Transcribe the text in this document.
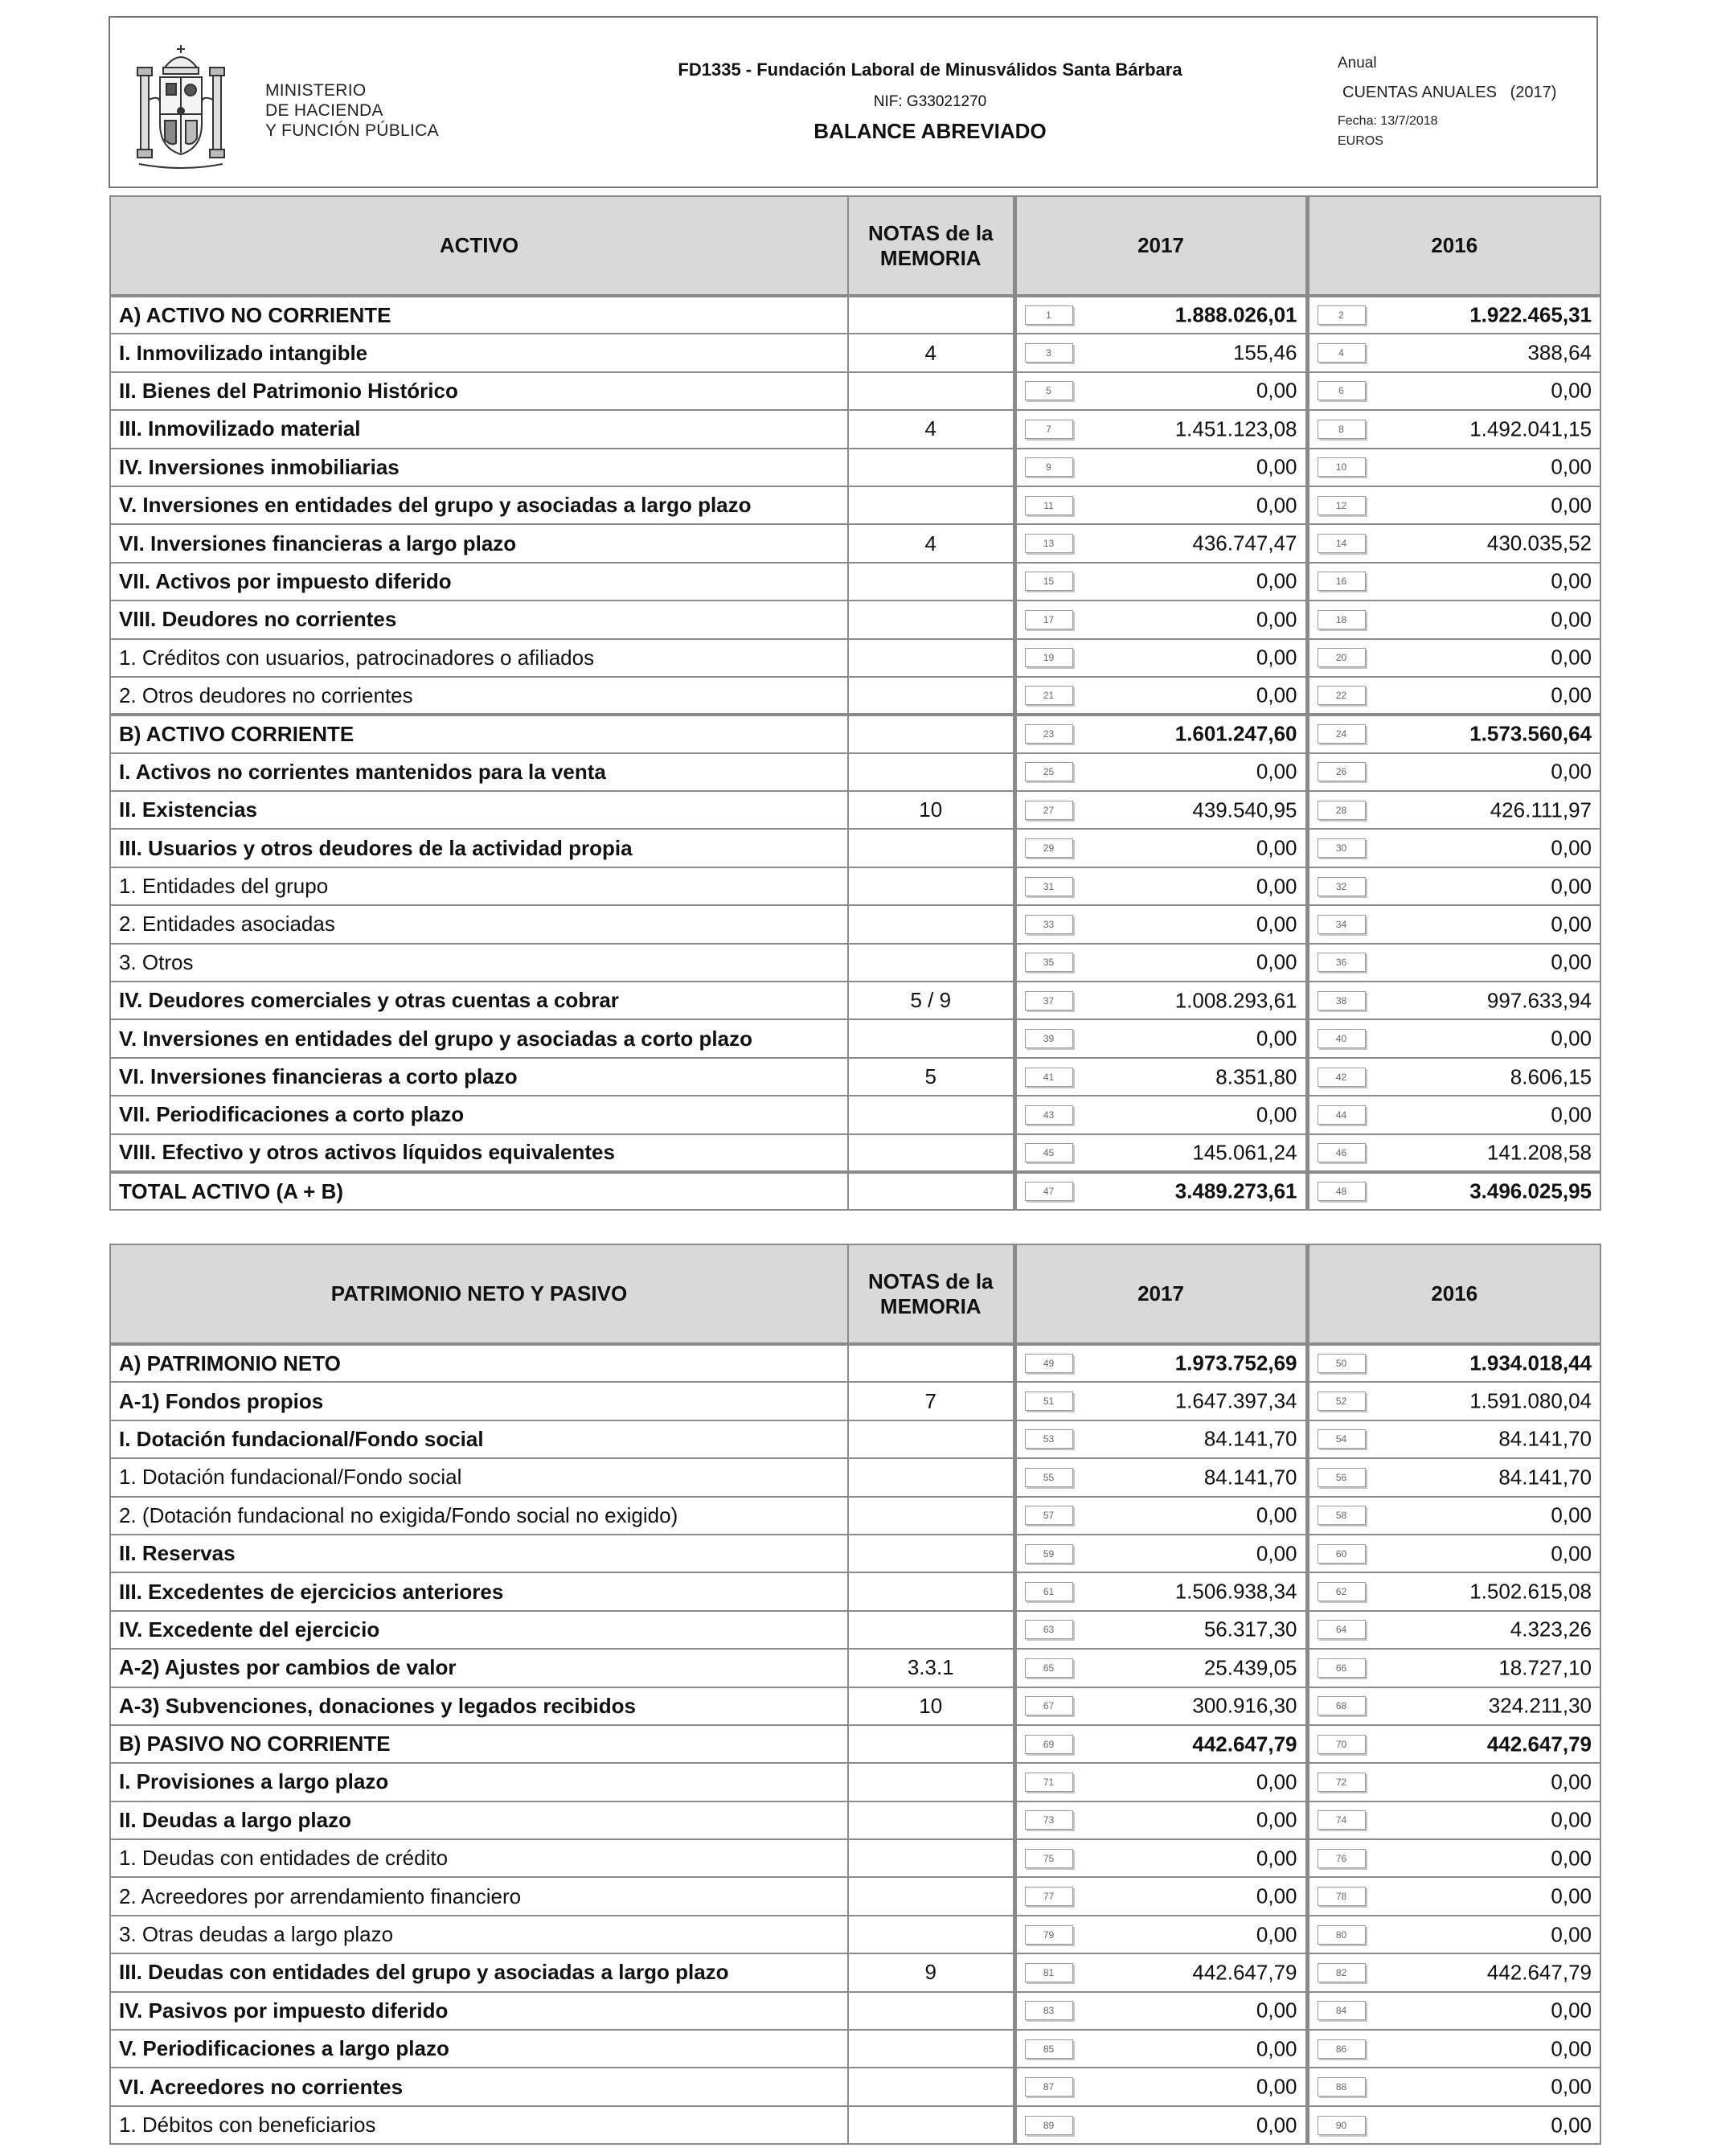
MINISTERIO
DE HACIENDA
Y FUNCIÓN PÚBLICA
FD1335 - Fundación Laboral de Minusválidos Santa Bárbara
NIF: G33021270
BALANCE ABREVIADO
Anual
CUENTAS ANUALES   (2017)
Fecha: 13/7/2018
EUROS
ACTIVO	NOTAS de la MEMORIA	2017	2016
A) ACTIVO NO CORRIENTE		1 1.888.026,01	2 1.922.465,31

I. Inmovilizado intangible	4	3 155,46	4 388,64

II. Bienes del Patrimonio Histórico		5 0,00	6 0,00

III. Inmovilizado material	4	7 1.451.123,08	8 1.492.041,15

IV. Inversiones inmobiliarias		9 0,00	10 0,00

V. Inversiones en entidades del grupo y asociadas a largo plazo		11 0,00	12 0,00

VI. Inversiones financieras a largo plazo	4	13 436.747,47	14 430.035,52

VII. Activos por impuesto diferido		15 0,00	16 0,00

VIII. Deudores no corrientes		17 0,00	18 0,00

1. Créditos con usuarios, patrocinadores o afiliados		19 0,00	20 0,00

2. Otros deudores no corrientes		21 0,00	22 0,00

B) ACTIVO CORRIENTE		23 1.601.247,60	24 1.573.560,64

I. Activos no corrientes mantenidos para la venta		25 0,00	26 0,00

II. Existencias	10	27 439.540,95	28 426.111,97

III. Usuarios y otros deudores de la actividad propia		29 0,00	30 0,00

1. Entidades del grupo		31 0,00	32 0,00

2. Entidades asociadas		33 0,00	34 0,00

3. Otros		35 0,00	36 0,00

IV. Deudores comerciales y otras cuentas a cobrar	5 / 9	37 1.008.293,61	38 997.633,94

V. Inversiones en entidades del grupo y asociadas a corto plazo		39 0,00	40 0,00

VI. Inversiones financieras a corto plazo	5	41 8.351,80	42 8.606,15

VII. Periodificaciones a corto plazo		43 0,00	44 0,00

VIII. Efectivo y otros activos líquidos equivalentes		45 145.061,24	46 141.208,58

TOTAL ACTIVO (A + B)		47 3.489.273,61	48 3.496.025,95
PATRIMONIO NETO Y PASIVO	NOTAS de la MEMORIA	2017	2016
A) PATRIMONIO NETO		49 1.973.752,69	50 1.934.018,44

A-1) Fondos propios	7	51 1.647.397,34	52 1.591.080,04

I. Dotación fundacional/Fondo social		53 84.141,70	54 84.141,70

1. Dotación fundacional/Fondo social		55 84.141,70	56 84.141,70

2. (Dotación fundacional no exigida/Fondo social no exigido)		57 0,00	58 0,00

II. Reservas		59 0,00	60 0,00

III. Excedentes de ejercicios anteriores		61 1.506.938,34	62 1.502.615,08

IV. Excedente del ejercicio		63 56.317,30	64 4.323,26

A-2) Ajustes por cambios de valor	3.3.1	65 25.439,05	66 18.727,10

A-3) Subvenciones, donaciones y legados recibidos	10	67 300.916,30	68 324.211,30

B) PASIVO NO CORRIENTE		69 442.647,79	70 442.647,79

I. Provisiones a largo plazo		71 0,00	72 0,00

II. Deudas a largo plazo		73 0,00	74 0,00

1. Deudas con entidades de crédito		75 0,00	76 0,00

2. Acreedores por arrendamiento financiero		77 0,00	78 0,00

3. Otras deudas a largo plazo		79 0,00	80 0,00

III. Deudas con entidades del grupo y asociadas a largo plazo	9	81 442.647,79	82 442.647,79

IV. Pasivos por impuesto diferido		83 0,00	84 0,00

V. Periodificaciones a largo plazo		85 0,00	86 0,00

VI. Acreedores no corrientes		87 0,00	88 0,00

1. Débitos con beneficiarios		89 0,00	90 0,00
